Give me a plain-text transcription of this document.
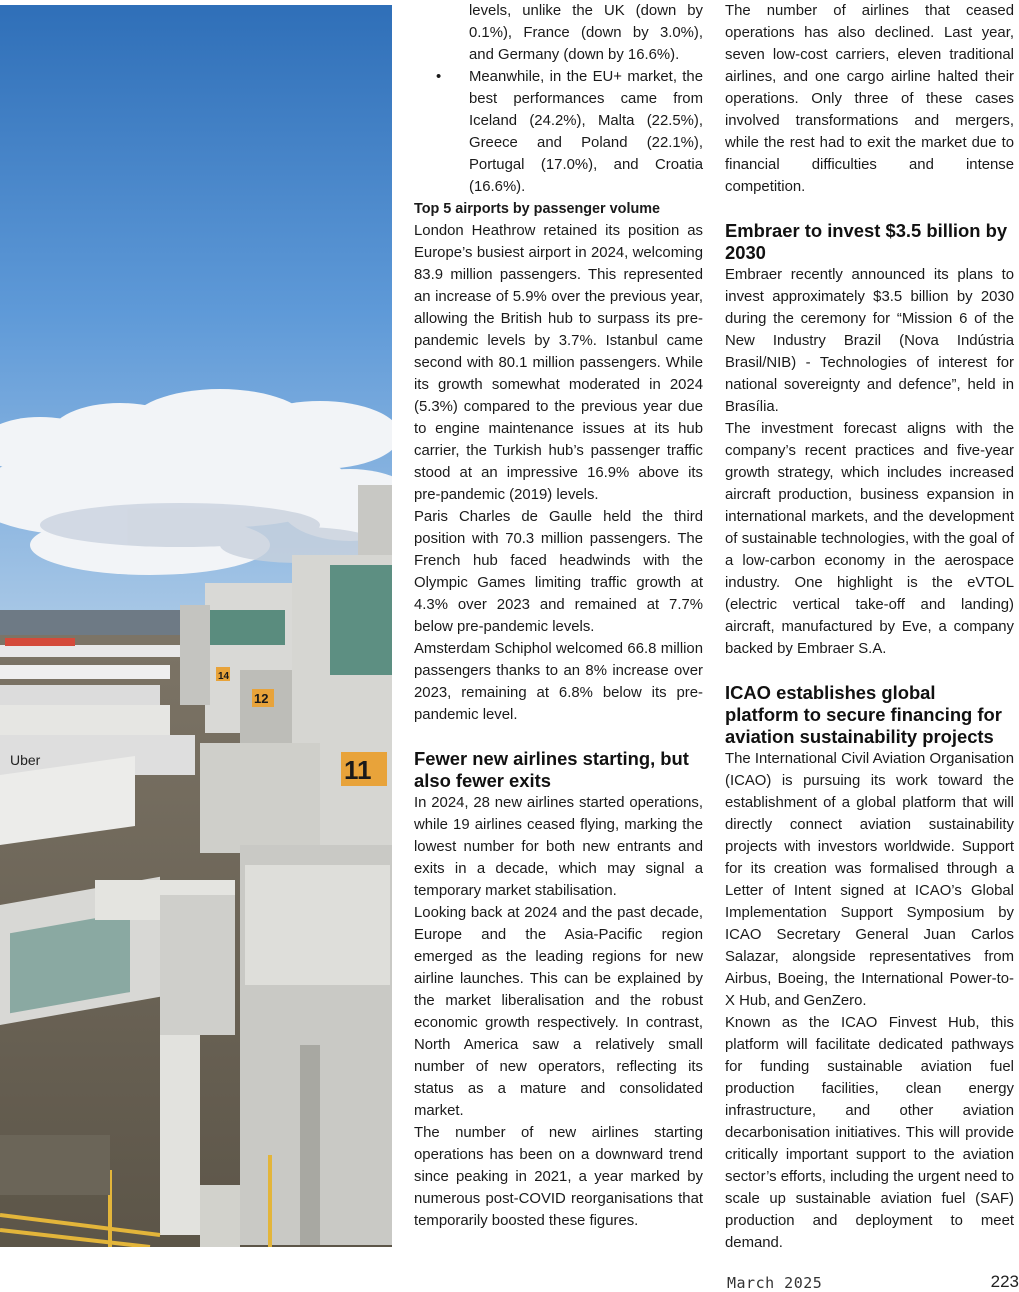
14
12
11
Uber

levels, unlike the UK (down by 0.1%), France (down by 3.0%), and Germany (down by 16.6%).

• Meanwhile, in the EU+ market, the best performances came from Iceland (24.2%), Malta (22.5%), Greece and Poland (22.1%), Portugal (17.0%), and Croatia (16.6%).

Top 5 airports by passenger volume

London Heathrow retained its position as Europe’s busiest airport in 2024, welcoming 83.9 million passengers. This represented an increase of 5.9% over the previous year, allowing the British hub to surpass its pre-pandemic levels by 3.7%. Istanbul came second with 80.1 million passengers. While its growth somewhat moderated in 2024 (5.3%) compared to the previous year due to engine maintenance issues at its hub carrier, the Turkish hub’s passenger traffic stood at an impressive 16.9% above its pre-pandemic (2019) levels.

Paris Charles de Gaulle held the third position with 70.3 million passengers. The French hub faced headwinds with the Olympic Games limiting traffic growth at 4.3% over 2023 and remained at 7.7% below pre-pandemic levels.

Amsterdam Schiphol welcomed 66.8 million passengers thanks to an 8% increase over 2023, remaining at 6.8% below its pre-pandemic level.

Fewer new airlines starting, but also fewer exits

In 2024, 28 new airlines started operations, while 19 airlines ceased flying, marking the lowest number for both new entrants and exits in a decade, which may signal a temporary market stabilisation.

Looking back at 2024 and the past decade, Europe and the Asia-Pacific region emerged as the leading regions for new airline launches. This can be explained by the market liberalisation and the robust economic growth respectively. In contrast, North America saw a relatively small number of new operators, reflecting its status as a mature and consolidated market.

The number of new airlines starting operations has been on a downward trend since peaking in 2021, a year marked by numerous post-COVID reorganisations that temporarily boosted these figures.

The number of airlines that ceased operations has also declined. Last year, seven low-cost carriers, eleven traditional airlines, and one cargo airline halted their operations. Only three of these cases involved transformations and mergers, while the rest had to exit the market due to financial difficulties and intense competition.

Embraer to invest $3.5 billion by 2030

Embraer recently announced its plans to invest approximately $3.5 billion by 2030 during the ceremony for “Mission 6 of the New Industry Brazil (Nova Indústria Brasil/NIB) - Technologies of interest for national sovereignty and defence”, held in Brasília.

The investment forecast aligns with the company’s recent practices and five-year growth strategy, which includes increased aircraft production, business expansion in international markets, and the development of sustainable technologies, with the goal of a low-carbon economy in the aerospace industry. One highlight is the eVTOL (electric vertical take-off and landing) aircraft, manufactured by Eve, a company backed by Embraer S.A.

ICAO establishes global platform to secure financing for aviation sustainability projects

The International Civil Aviation Organisation (ICAO) is pursuing its work toward the establishment of a global platform that will directly connect aviation sustainability projects with investors worldwide. Support for its creation was formalised through a Letter of Intent signed at ICAO’s Global Implementation Support Symposium by ICAO Secretary General Juan Carlos Salazar, alongside representatives from Airbus, Boeing, the International Power-to-X Hub, and GenZero.

Known as the ICAO Finvest Hub, this platform will facilitate dedicated pathways for funding sustainable aviation fuel production facilities, clean energy infrastructure, and other aviation decarbonisation initiatives. This will provide critically important support to the aviation sector’s efforts, including the urgent need to scale up sustainable aviation fuel (SAF) production and deployment to meet demand.

March 2025	223
